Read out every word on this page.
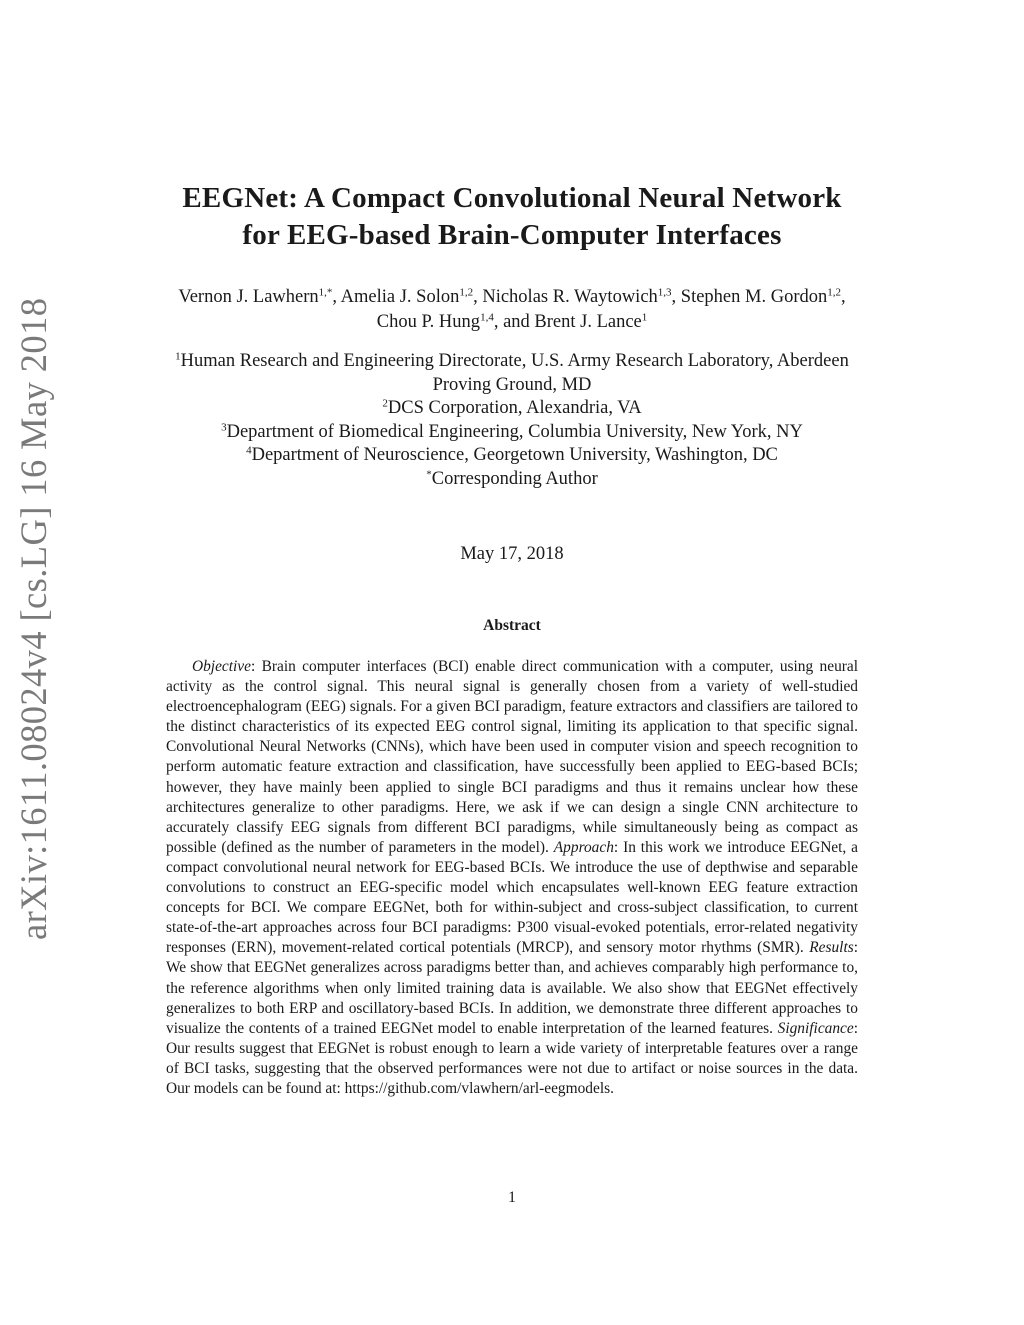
arXiv:1611.08024v4 [cs.LG] 16 May 2018
EEGNet: A Compact Convolutional Neural Network
for EEG-based Brain-Computer Interfaces
Vernon J. Lawhern$^{1,*}$, Amelia J. Solon$^{1,2}$, Nicholas R. Waytowich$^{1,3}$, Stephen M. Gordon$^{1,2}$,
Chou P. Hung$^{1,4}$, and Brent J. Lance$^1$
$^1$Human Research and Engineering Directorate, U.S. Army Research Laboratory, Aberdeen
Proving Ground, MD
$^2$DCS Corporation, Alexandria, VA
$^3$Department of Biomedical Engineering, Columbia University, New York, NY
$^4$Department of Neuroscience, Georgetown University, Washington, DC
*Corresponding Author
May 17, 2018
Abstract
Objective: Brain computer interfaces (BCI) enable direct communication with a computer, using neural activity as the control signal. This neural signal is generally chosen from a variety of well-studied electroencephalogram (EEG) signals. For a given BCI paradigm, feature extractors and classifiers are tailored to the distinct characteristics of its expected EEG control signal, limiting its application to that specific signal. Convolutional Neural Networks (CNNs), which have been used in computer vision and speech recognition to perform automatic feature extraction and classification, have successfully been applied to EEG-based BCIs; however, they have mainly been applied to single BCI paradigms and thus it remains unclear how these architectures generalize to other paradigms. Here, we ask if we can design a single CNN architecture to accurately classify EEG signals from different BCI paradigms, while simultaneously being as compact as possible (defined as the number of parameters in the model). Approach: In this work we introduce EEGNet, a compact convolutional neural network for EEG-based BCIs. We introduce the use of depthwise and separable convolutions to construct an EEG-specific model which encapsulates well-known EEG feature extraction concepts for BCI. We compare EEGNet, both for within-subject and cross-subject classification, to current state-of-the-art approaches across four BCI paradigms: P300 visual-evoked potentials, error-related negativity responses (ERN), movement-related cortical potentials (MRCP), and sensory motor rhythms (SMR). Results: We show that EEGNet generalizes across paradigms better than, and achieves comparably high performance to, the reference algorithms when only limited training data is available. We also show that EEGNet effectively generalizes to both ERP and oscillatory-based BCIs. In addition, we demonstrate three different approaches to visualize the contents of a trained EEGNet model to enable interpretation of the learned features. Significance: Our results suggest that EEGNet is robust enough to learn a wide variety of interpretable features over a range of BCI tasks, suggesting that the observed performances were not due to artifact or noise sources in the data. Our models can be found at: https://github.com/vlawhern/arl-eegmodels.
1
